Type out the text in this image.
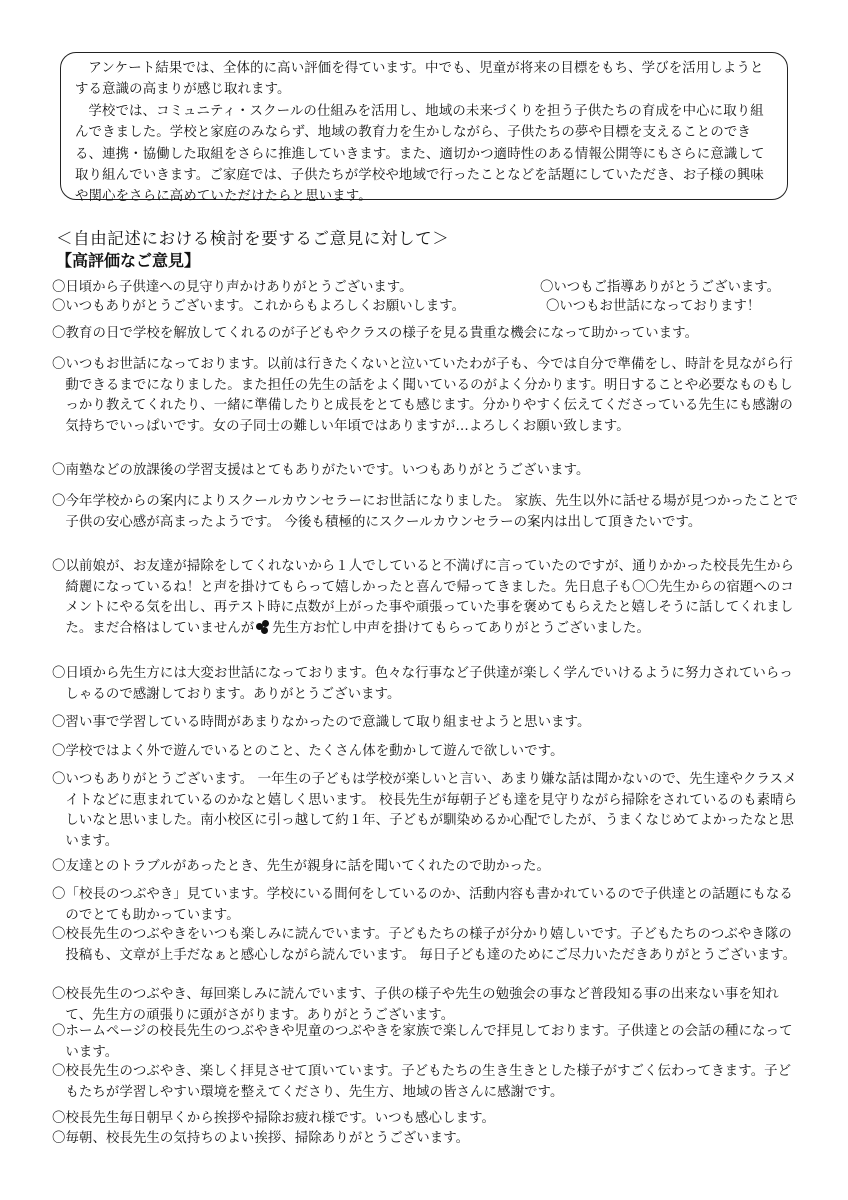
アンケート結果では、全体的に高い評価を得ています。中でも、児童が将来の目標をもち、学びを活用しようとする意識の高まりが感じ取れます。

学校では、コミュニティ・スクールの仕組みを活用し、地域の未来づくりを担う子供たちの育成を中心に取り組んできました。学校と家庭のみならず、地域の教育力を生かしながら、子供たちの夢や目標を支えることのできる、連携・協働した取組をさらに推進していきます。また、適切かつ適時性のある情報公開等にもさらに意識して取り組んでいきます。ご家庭では、子供たちが学校や地域で行ったことなどを話題にしていただき、お子様の興味や関心をさらに高めていただけたらと思います。

＜自由記述における検討を要するご意見に対して＞
【高評価なご意見】
〇日頃から子供達への見守り声かけありがとうございます。	〇いつもご指導ありがとうございます。
〇いつもありがとうございます。これからもよろしくお願いします。	〇いつもお世話になっております！

〇教育の日で学校を解放してくれるのが子どもやクラスの様子を見る貴重な機会になって助かっています。

〇いつもお世話になっております。以前は行きたくないと泣いていたわが子も、今では自分で準備をし、時計を見ながら行動できるまでになりました。また担任の先生の話をよく聞いているのがよく分かります。明日することや必要なものもしっかり教えてくれたり、一緒に準備したりと成長をとても感じます。分かりやすく伝えてくださっている先生にも感謝の気持ちでいっぱいです。女の子同士の難しい年頃ではありますが…よろしくお願い致します。

〇南塾などの放課後の学習支援はとてもありがたいです。いつもありがとうございます。

〇今年学校からの案内によりスクールカウンセラーにお世話になりました。 家族、先生以外に話せる場が見つかったことで子供の安心感が高まったようです。 今後も積極的にスクールカウンセラーの案内は出して頂きたいです。

〇以前娘が、お友達が掃除をしてくれないから１人でしていると不満げに言っていたのですが、通りかかった校長先生から綺麗になっているね！と声を掛けてもらって嬉しかったと喜んで帰ってきました。先日息子も〇〇先生からの宿題へのコメントにやる気を出し、再テスト時に点数が上がった事や頑張っていた事を褒めてもらえたと嬉しそうに話してくれました。まだ合格はしていませんが 先生方お忙し中声を掛けてもらってありがとうございました。

〇日頃から先生方には大変お世話になっております。色々な行事など子供達が楽しく学んでいけるように努力されていらっしゃるので感謝しております。ありがとうございます。

〇習い事で学習している時間があまりなかったので意識して取り組ませようと思います。

〇学校ではよく外で遊んでいるとのこと、たくさん体を動かして遊んで欲しいです。

〇いつもありがとうございます。 一年生の子どもは学校が楽しいと言い、あまり嫌な話は聞かないので、先生達やクラスメイトなどに恵まれているのかなと嬉しく思います。 校長先生が毎朝子ども達を見守りながら掃除をされているのも素晴らしいなと思いました。南小校区に引っ越して約１年、子どもが馴染めるか心配でしたが、うまくなじめてよかったなと思います。

〇友達とのトラブルがあったとき、先生が親身に話を聞いてくれたので助かった。

〇「校長のつぶやき」見ています。学校にいる間何をしているのか、活動内容も書かれているので子供達との話題にもなるのでとても助かっています。

〇校長先生のつぶやきをいつも楽しみに読んでいます。子どもたちの様子が分かり嬉しいです。子どもたちのつぶやき隊の投稿も、文章が上手だなぁと感心しながら読んでいます。 毎日子ども達のためにご尽力いただきありがとうございます。

〇校長先生のつぶやき、毎回楽しみに読んでいます、子供の様子や先生の勉強会の事など普段知る事の出来ない事を知れて、先生方の頑張りに頭がさがります。ありがとうございます。

〇ホームページの校長先生のつぶやきや児童のつぶやきを家族で楽しんで拝見しております。子供達との会話の種になっています。

〇校長先生のつぶやき、楽しく拝見させて頂いています。子どもたちの生き生きとした様子がすごく伝わってきます。子どもたちが学習しやすい環境を整えてくださり、先生方、地域の皆さんに感謝です。

〇校長先生毎日朝早くから挨拶や掃除お疲れ様です。いつも感心します。

〇毎朝、校長先生の気持ちのよい挨拶、掃除ありがとうございます。
